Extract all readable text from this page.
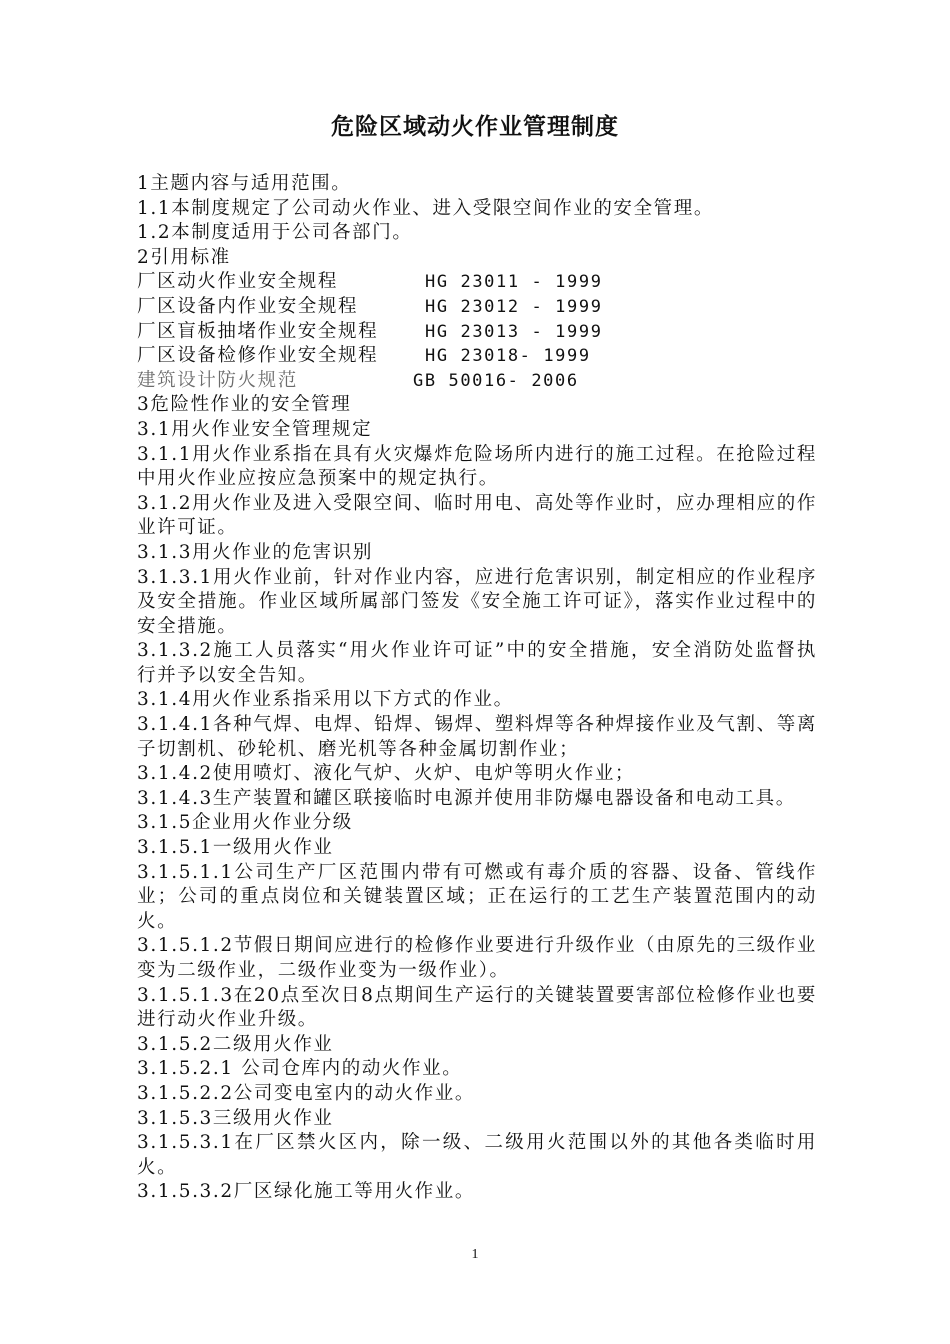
危险区域动火作业管理制度
1主题内容与适用范围。
1.1本制度规定了公司动火作业、进入受限空间作业的安全管理。
1.2本制度适用于公司各部门。
2引用标准
厂区动火作业安全规程	HG 23011 - 1999
厂区设备内作业安全规程	HG 23012 - 1999
厂区盲板抽堵作业安全规程	HG 23013 - 1999
厂区设备检修作业安全规程	HG 23018- 1999
建筑设计防火规范	GB 50016- 2006
3危险性作业的安全管理
3.1用火作业安全管理规定
3.1.1用火作业系指在具有火灾爆炸危险场所内进行的施工过程。在抢险过程中用火作业应按应急预案中的规定执行。
3.1.2用火作业及进入受限空间、临时用电、高处等作业时，应办理相应的作业许可证。
3.1.3用火作业的危害识别
3.1.3.1用火作业前，针对作业内容，应进行危害识别，制定相应的作业程序及安全措施。作业区域所属部门签发《安全施工许可证》，落实作业过程中的安全措施。
3.1.3.2施工人员落实“用火作业许可证”中的安全措施，安全消防处监督执行并予以安全告知。
3.1.4用火作业系指采用以下方式的作业。
3.1.4.1各种气焊、电焊、铅焊、锡焊、塑料焊等各种焊接作业及气割、等离子切割机、砂轮机、磨光机等各种金属切割作业；
3.1.4.2使用喷灯、液化气炉、火炉、电炉等明火作业；
3.1.4.3生产装置和罐区联接临时电源并使用非防爆电器设备和电动工具。
3.1.5企业用火作业分级
3.1.5.1一级用火作业
3.1.5.1.1公司生产厂区范围内带有可燃或有毒介质的容器、设备、管线作业；公司的重点岗位和关键装置区域；正在运行的工艺生产装置范围内的动火。
3.1.5.1.2节假日期间应进行的检修作业要进行升级作业（由原先的三级作业变为二级作业，二级作业变为一级作业）。
3.1.5.1.3在20点至次日8点期间生产运行的关键装置要害部位检修作业也要进行动火作业升级。
3.1.5.2二级用火作业
3.1.5.2.1 公司仓库内的动火作业。
3.1.5.2.2公司变电室内的动火作业。
3.1.5.3三级用火作业
3.1.5.3.1在厂区禁火区内，除一级、二级用火范围以外的其他各类临时用火。
3.1.5.3.2厂区绿化施工等用火作业。
1
